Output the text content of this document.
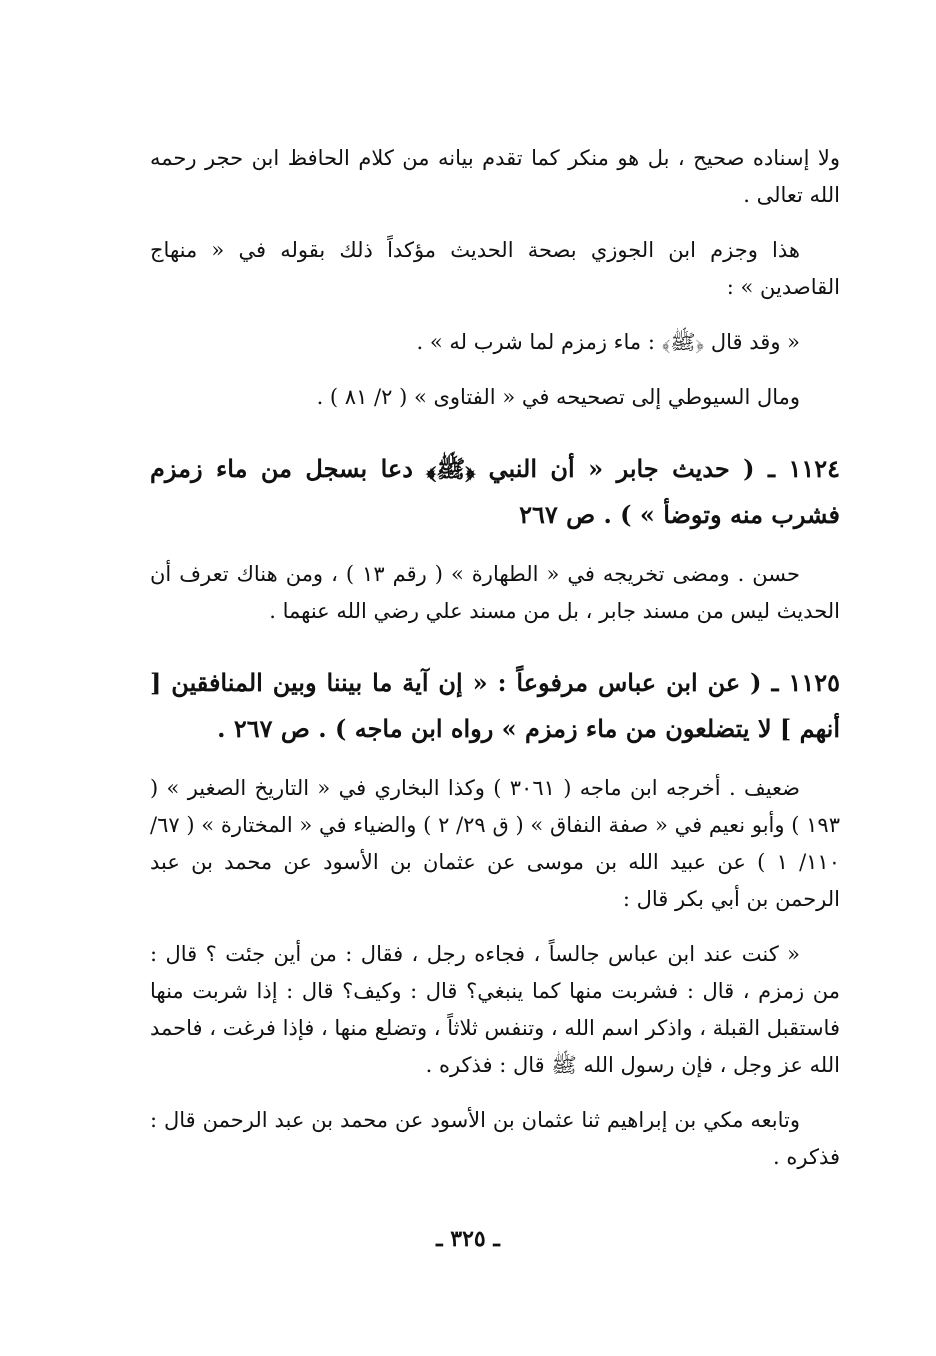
ولا إسناده صحيح ، بل هو منكر كما تقدم بيانه من كلام الحافظ ابن حجر رحمه الله تعالى .

هذا وجزم ابن الجوزي بصحة الحديث مؤكداً ذلك بقوله في « منهاج القاصدين » :

« وقد قال ﴿ﷺ﴾ : ماء زمزم لما شرب له » .

ومال السيوطي إلى تصحيحه في « الفتاوى » ( ٢/ ٨١ ) .

١١٢٤ ـ ( حديث جابر « أن النبي ﴿ﷺ﴾ دعا بسجل من ماء زمزم فشرب منه وتوضأ » ) . ص ٢٦٧

حسن . ومضى تخريجه في « الطهارة » ( رقم ١٣ ) ، ومن هناك تعرف أن الحديث ليس من مسند جابر ، بل من مسند علي رضي الله عنهما .

١١٢٥ ـ ( عن ابن عباس مرفوعاً : « إن آية ما بيننا وبين المنافقين [ أنهم ] لا يتضلعون من ماء زمزم » رواه ابن ماجه ) . ص ٢٦٧ .

ضعيف . أخرجه ابن ماجه ( ٣٠٦١ ) وكذا البخاري في « التاريخ الصغير » ( ١٩٣ ) وأبو نعيم في « صفة النفاق » ( ق ٢٩/ ٢ ) والضياء في « المختارة » ( ٦٧/ ١١٠/ ١ ) عن عبيد الله بن موسى عن عثمان بن الأسود عن محمد بن عبد الرحمن بن أبي بكر قال :

« كنت عند ابن عباس جالساً ، فجاءه رجل ، فقال : من أين جئت ؟ قال : من زمزم ، قال : فشربت منها كما ينبغي؟ قال : وكيف؟ قال : إذا شربت منها فاستقبل القبلة ، واذكر اسم الله ، وتنفس ثلاثاً ، وتضلع منها ، فإذا فرغت ، فاحمد الله عز وجل ، فإن رسول الله ﷺ قال : فذكره .

وتابعه مكي بن إبراهيم ثنا عثمان بن الأسود عن محمد بن عبد الرحمن قال : فذكره .

ـ ٣٢٥ ـ
